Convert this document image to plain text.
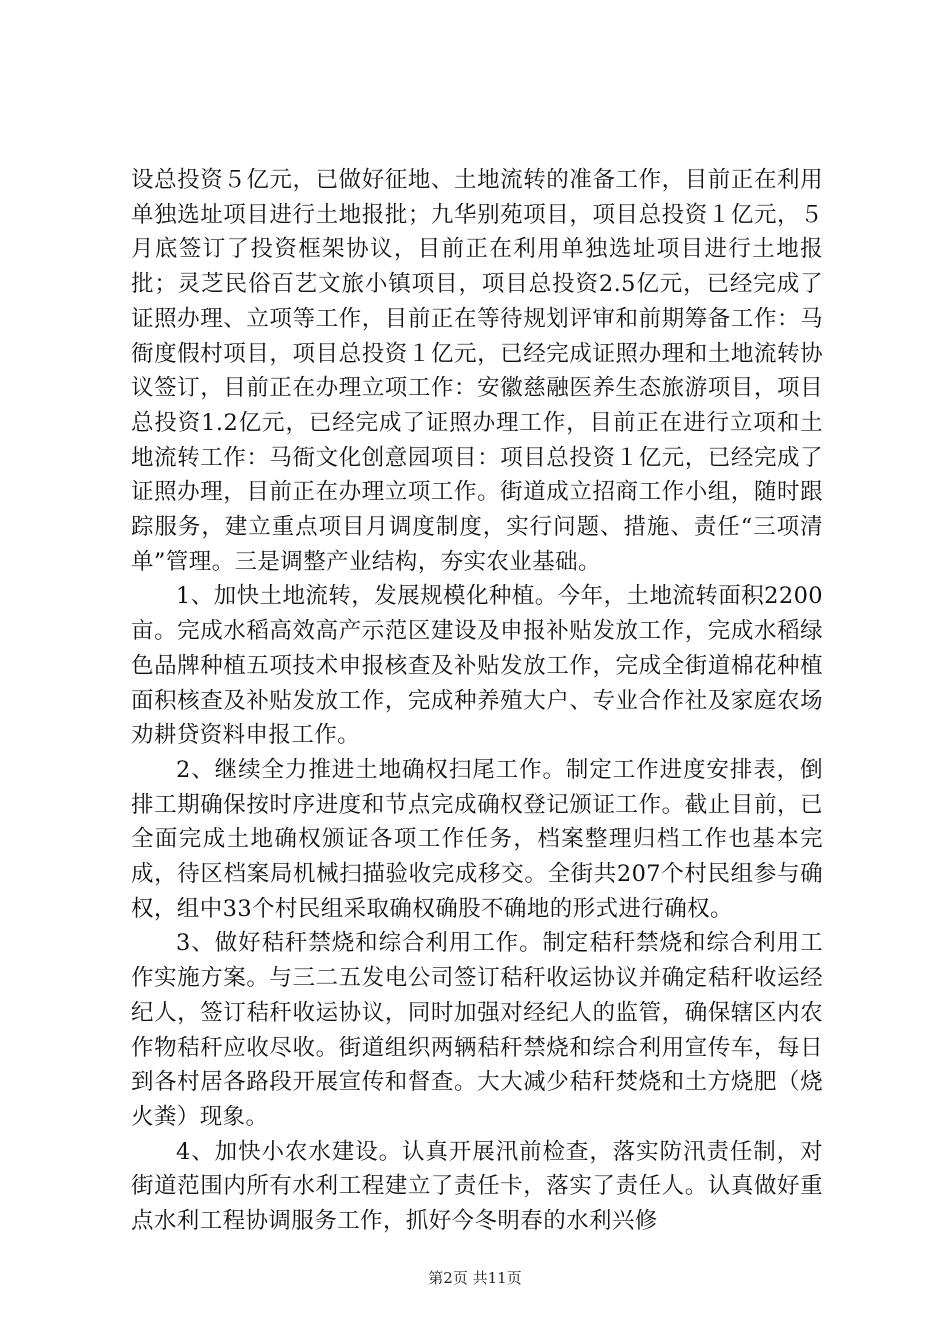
设总投资５亿元，已做好征地、土地流转的准备工作，目前正在利用单独选址项目进行土地报批；九华别苑项目，项目总投资１亿元，５月底签订了投资框架协议，目前正在利用单独选址项目进行土地报批；灵芝民俗百艺文旅小镇项目，项目总投资2.5亿元，已经完成了证照办理、立项等工作，目前正在等待规划评审和前期筹备工作：马衙度假村项目，项目总投资１亿元，已经完成证照办理和土地流转协议签订，目前正在办理立项工作：安徽慈融医养生态旅游项目，项目总投资1.2亿元，已经完成了证照办理工作，目前正在进行立项和土地流转工作：马衙文化创意园项目：项目总投资１亿元，已经完成了证照办理，目前正在办理立项工作。街道成立招商工作小组，随时跟踪服务，建立重点项目月调度制度，实行问题、措施、责任“三项清单”管理。三是调整产业结构，夯实农业基础。

1、加快土地流转，发展规模化种植。今年，土地流转面积2200亩。完成水稻高效高产示范区建设及申报补贴发放工作，完成水稻绿色品牌种植五项技术申报核查及补贴发放工作，完成全街道棉花种植面积核查及补贴发放工作，完成种养殖大户、专业合作社及家庭农场劝耕贷资料申报工作。

2、继续全力推进土地确权扫尾工作。制定工作进度安排表，倒排工期确保按时序进度和节点完成确权登记颁证工作。截止目前，已全面完成土地确权颁证各项工作任务，档案整理归档工作也基本完成，待区档案局机械扫描验收完成移交。全街共207个村民组参与确权，组中33个村民组采取确权确股不确地的形式进行确权。

3、做好秸秆禁烧和综合利用工作。制定秸秆禁烧和综合利用工作实施方案。与三二五发电公司签订秸秆收运协议并确定秸秆收运经纪人，签订秸秆收运协议，同时加强对经纪人的监管，确保辖区内农作物秸秆应收尽收。街道组织两辆秸秆禁烧和综合利用宣传车，每日到各村居各路段开展宣传和督查。大大减少秸秆焚烧和土方烧肥（烧火粪）现象。

4、加快小农水建设。认真开展汛前检查，落实防汛责任制，对街道范围内所有水利工程建立了责任卡，落实了责任人。认真做好重点水利工程协调服务工作，抓好今冬明春的水利兴修

第2页 共11页
